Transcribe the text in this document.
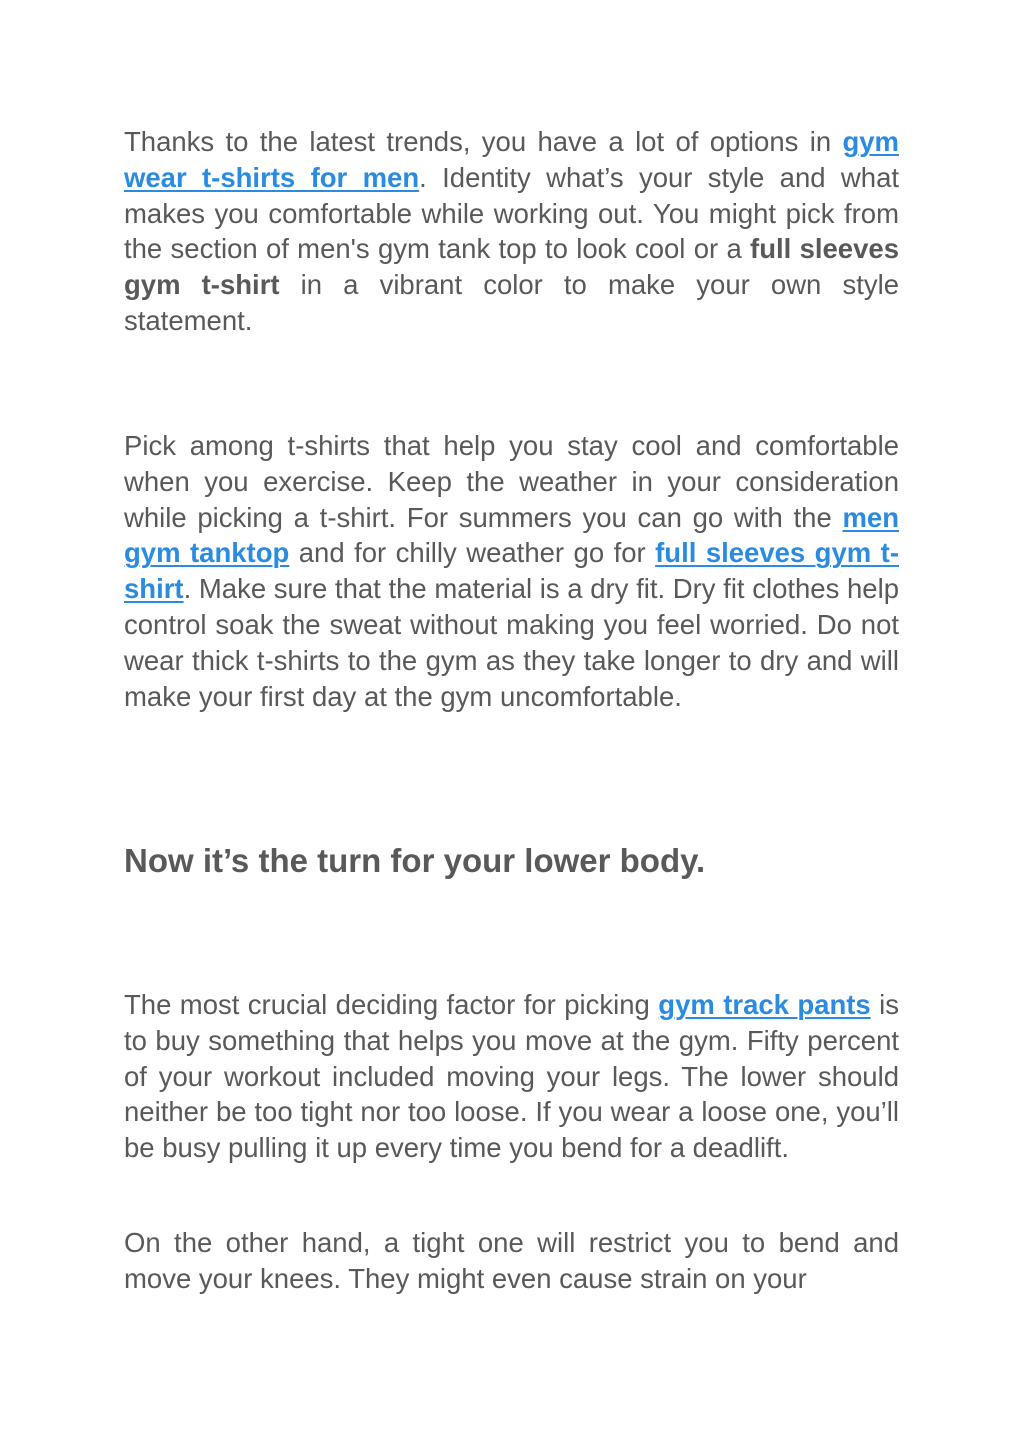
Thanks to the latest trends, you have a lot of options in gym wear t-shirts for men. Identity what’s your style and what makes you comfortable while working out. You might pick from the section of men's gym tank top to look cool or a full sleeves gym t-shirt in a vibrant color to make your own style statement.

Pick among t-shirts that help you stay cool and comfortable when you exercise. Keep the weather in your consideration while picking a t-shirt. For summers you can go with the men gym tanktop and for chilly weather go for full sleeves gym t-shirt. Make sure that the material is a dry fit. Dry fit clothes help control soak the sweat without making you feel worried. Do not wear thick t-shirts to the gym as they take longer to dry and will make your first day at the gym uncomfortable.

Now it’s the turn for your lower body.

The most crucial deciding factor for picking gym track pants is to buy something that helps you move at the gym. Fifty percent of your workout included moving your legs. The lower should neither be too tight nor too loose. If you wear a loose one, you’ll be busy pulling it up every time you bend for a deadlift.

On the other hand, a tight one will restrict you to bend and move your knees. They might even cause strain on your
